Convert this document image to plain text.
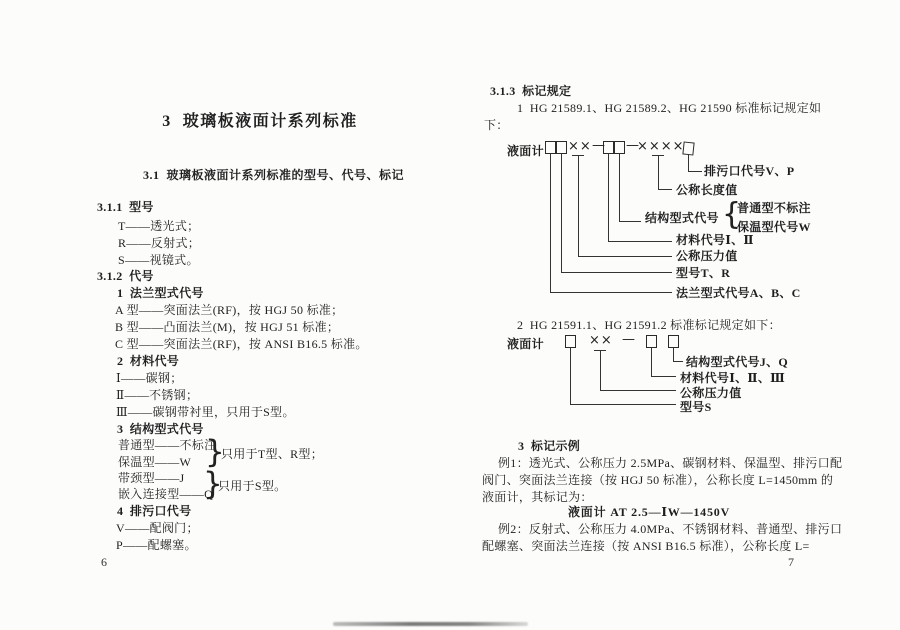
3  玻璃板液面计系列标准
3.1  玻璃板液面计系列标准的型号、代号、标记
3.1.1  型号
T——透光式；
R——反射式；
S——视镜式。
3.1.2  代号
1  法兰型式代号
A 型——突面法兰(RF)，按 HGJ 50 标准；
B 型——凸面法兰(M)，按 HGJ 51 标准；
C 型——突面法兰(RF)，按 ANSI B16.5 标准。
2  材料代号
Ⅰ——碳钢；
Ⅱ——不锈钢；
Ⅲ——碳钢带衬里，只用于S型。
3  结构型式代号
普通型——不标注
保温型——W }
只用于T型、R型；
带颈型——J
嵌入连接型——Q
}
只用于S型。
4  排污口代号
V——配阀门；
P——配螺塞。
6
3.1.3  标记规定
1  HG 21589.1、HG 21589.2、HG 21590 标准标记规定如
下：
液面计 ×× — —
××××
排污口代号V、P
公称长度值
结构型式代号 {
普通型不标注
保温型代号W
材料代号Ⅰ、Ⅱ
公称压力值
型号T、R
法兰型式代号A、B、C
2  HG 21591.1、HG 21591.2 标准标记规定如下：
液面计	×× —
结构型式代号J、Q
材料代号Ⅰ、Ⅱ、Ⅲ
公称压力值
型号S
3  标记示例
例1：透光式、公称压力 2.5MPa、碳钢材料、保温型、排污口配
阀门、突面法兰连接（按 HGJ 50 标准），公称长度 L=1450mm 的
液面计，其标记为：
液面计 AT 2.5—ⅠW—1450V
例2：反射式、公称压力 4.0MPa、不锈钢材料、普通型、排污口
配螺塞、突面法兰连接（按 ANSI B16.5 标准），公称长度 L=
7
